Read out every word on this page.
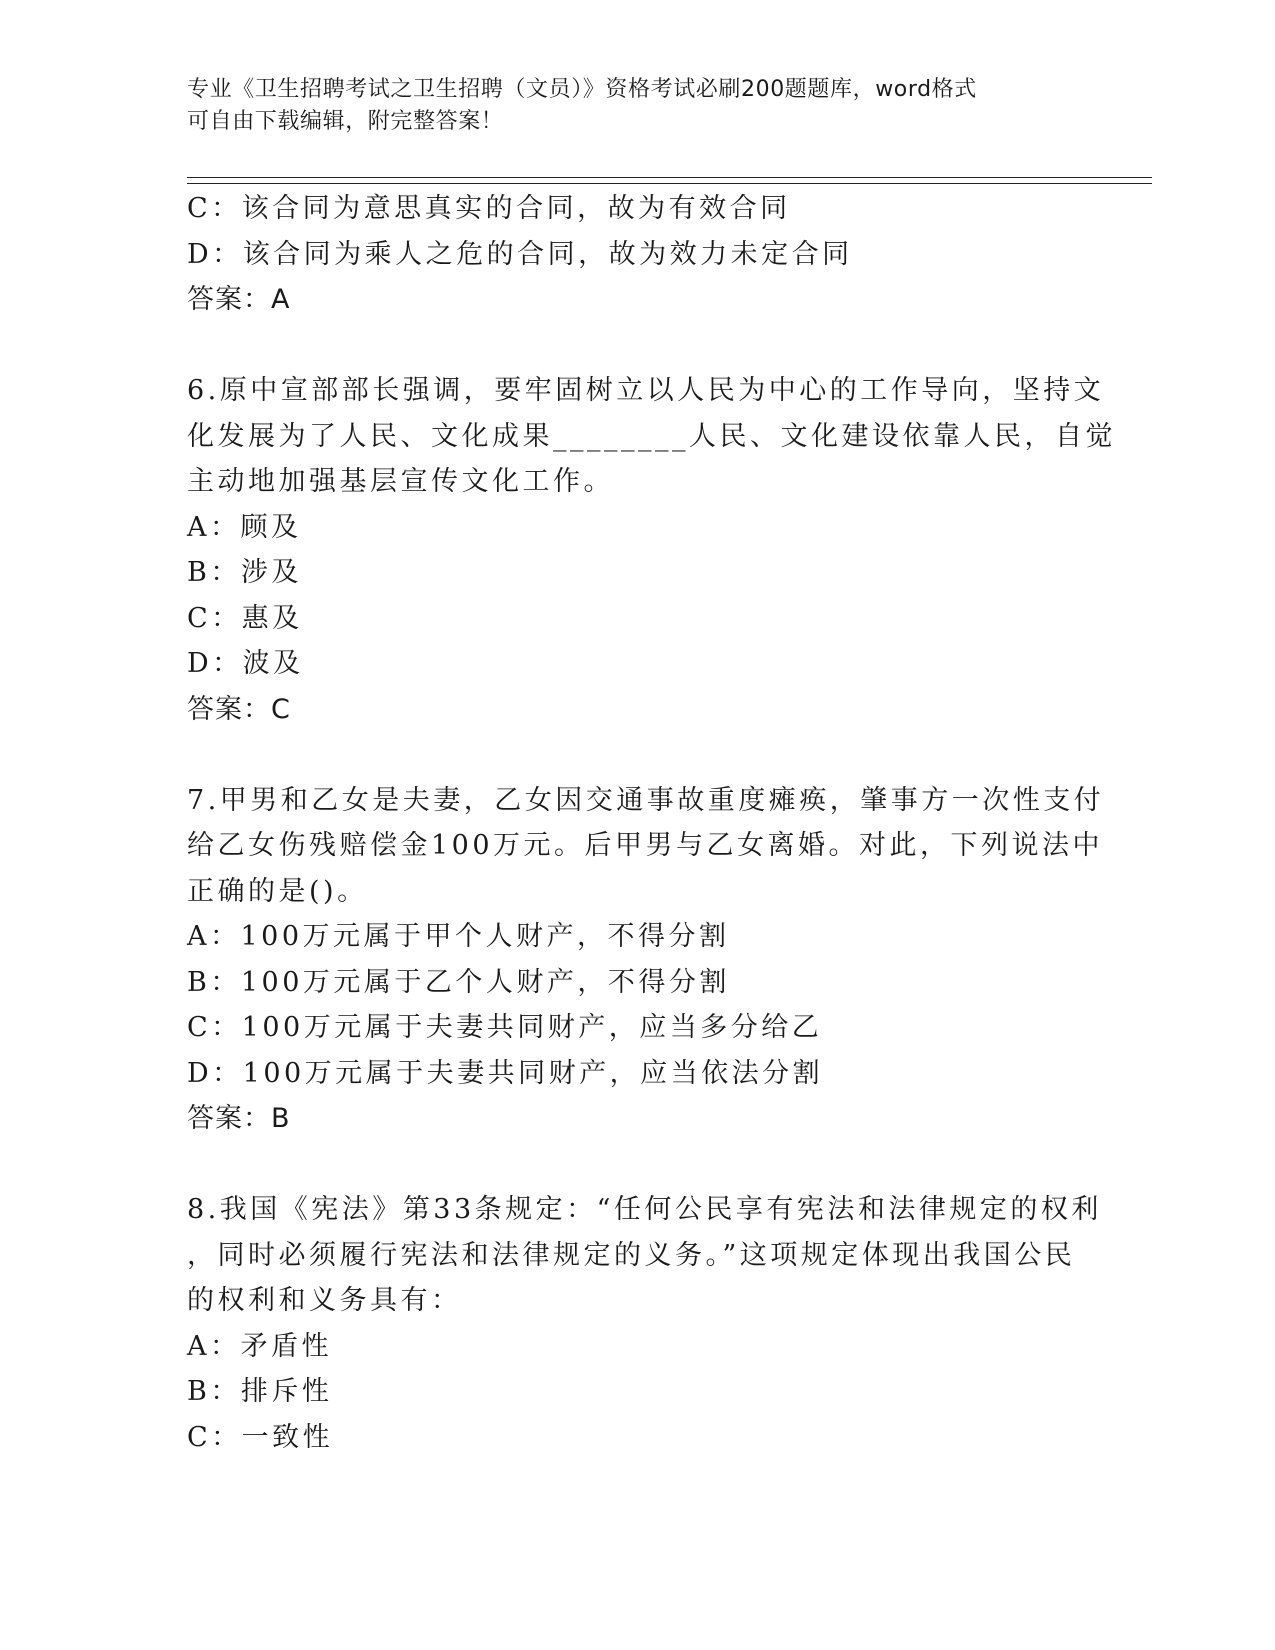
专业《卫生招聘考试之卫生招聘（文员）》资格考试必刷200题题库，word格式

可自由下载编辑，附完整答案！

C：该合同为意思真实的合同，故为有效合同

D：该合同为乘人之危的合同，故为效力未定合同

答案：A

6.原中宣部部长强调，要牢固树立以人民为中心的工作导向，坚持文

化发展为了人民、文化成果________人民、文化建设依靠人民，自觉

主动地加强基层宣传文化工作。

A：顾及

B：涉及

C：惠及

D：波及

答案：C

7.甲男和乙女是夫妻，乙女因交通事故重度瘫痪，肇事方一次性支付

给乙女伤残赔偿金100万元。后甲男与乙女离婚。对此，下列说法中

正确的是()。

A：100万元属于甲个人财产，不得分割

B：100万元属于乙个人财产，不得分割

C：100万元属于夫妻共同财产，应当多分给乙

D：100万元属于夫妻共同财产，应当依法分割

答案：B

8.我国《宪法》第33条规定：“任何公民享有宪法和法律规定的权利

，同时必须履行宪法和法律规定的义务。”这项规定体现出我国公民

的权利和义务具有：

A：矛盾性

B：排斥性

C：一致性
